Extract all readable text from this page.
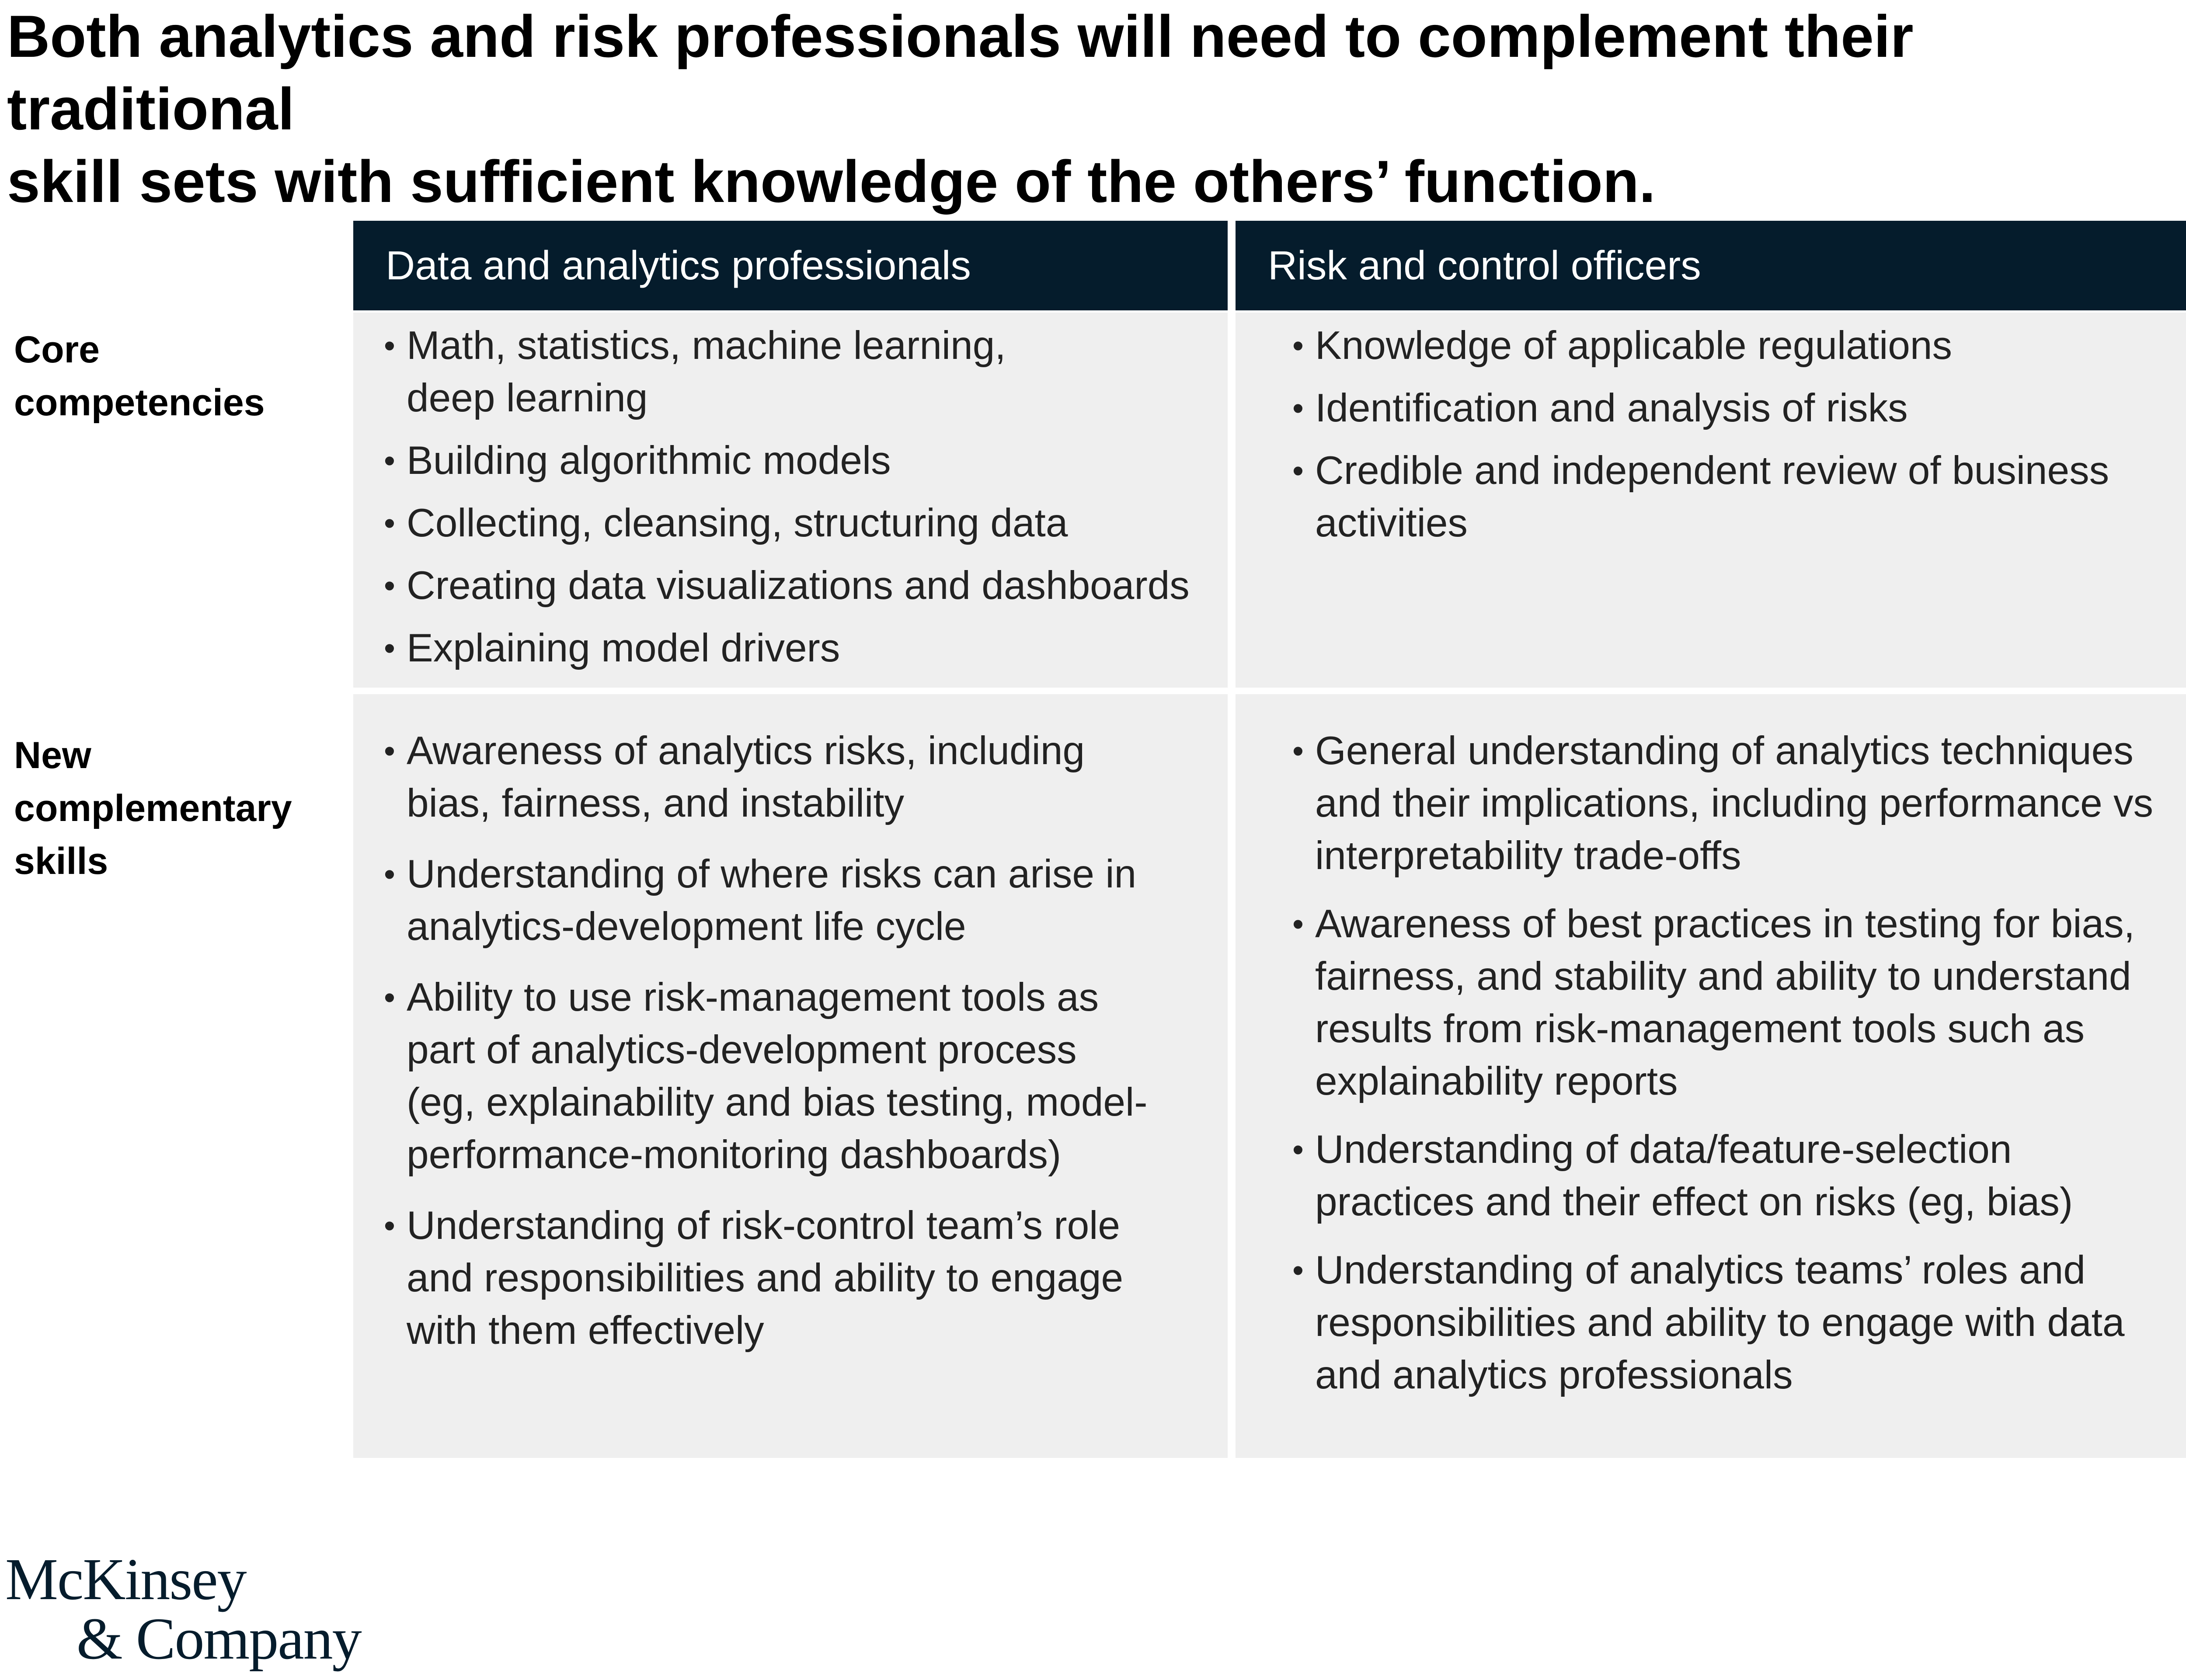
Both analytics and risk professionals will need to complement their traditional
skill sets with sufficient knowledge of the others’ function.
Data and analytics professionals	Risk and control officers
Core
competencies
• Math, statistics, machine learning,
deep learning
• Building algorithmic models
• Collecting, cleansing, structuring data
• Creating data visualizations and dashboards
• Explaining model drivers
• Knowledge of applicable regulations
• Identification and analysis of risks
• Credible and independent review of business
activities
New
complementary
skills
• Awareness of analytics risks, including
bias, fairness, and instability
• Understanding of where risks can arise in
analytics-development life cycle
• Ability to use risk-management tools as
part of analytics-development process
(eg, explainability and bias testing, model-
performance-monitoring dashboards)
• Understanding of risk-control team’s role
and responsibilities and ability to engage
with them effectively
• General understanding of analytics techniques
and their implications, including performance vs
interpretability trade-offs
• Awareness of best practices in testing for bias,
fairness, and stability and ability to understand
results from risk-management tools such as
explainability reports
• Understanding of data/feature-selection
practices and their effect on risks (eg, bias)
• Understanding of analytics teams’ roles and
responsibilities and ability to engage with data
and analytics professionals
McKinsey
& Company
